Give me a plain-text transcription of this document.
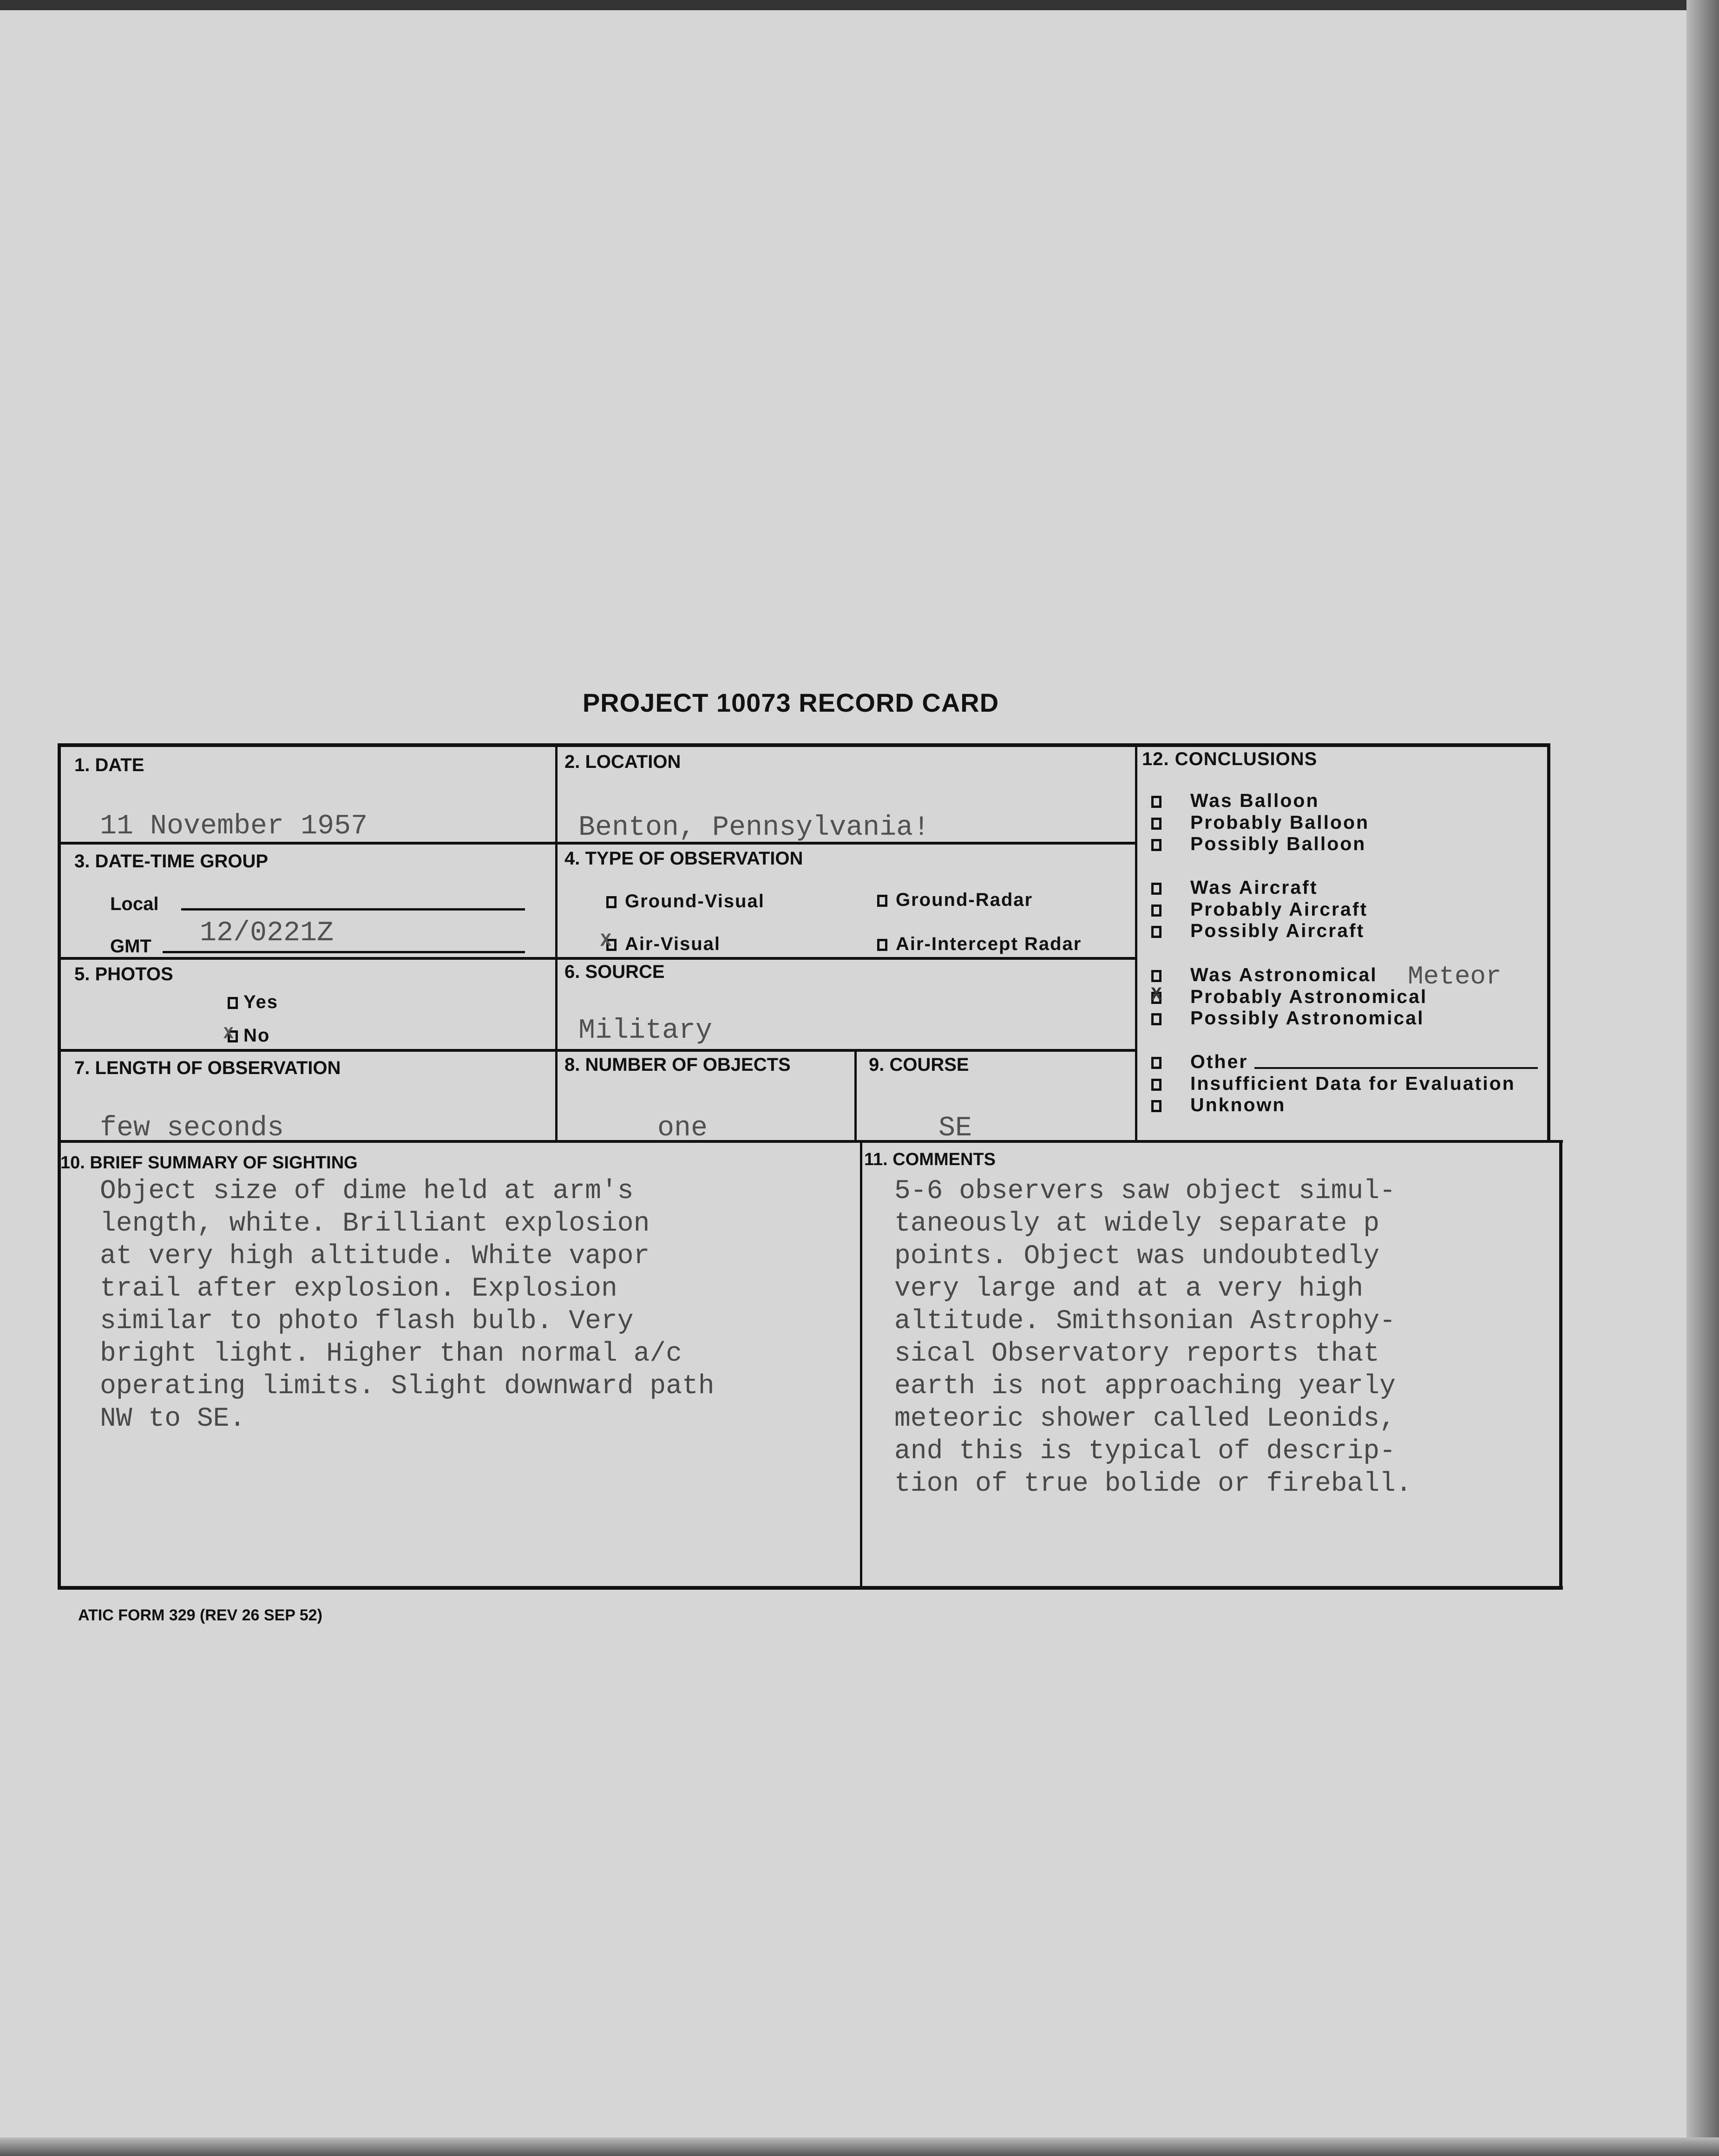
PROJECT 10073 RECORD CARD
1. DATE
11 November 1957
2. LOCATION
Benton, Pennsylvania!
3. DATE-TIME GROUP
Local
GMT 12/0221Z
4. TYPE OF OBSERVATION
Ground-Visual	Ground-Radar
X Air-Visual	Air-Intercept Radar
5. PHOTOS
Yes
X No
6. SOURCE
Military
7. LENGTH OF OBSERVATION
few seconds
8. NUMBER OF OBJECTS
one
9. COURSE
SE
12. CONCLUSIONS
Was Balloon
Probably Balloon
Possibly Balloon
Was Aircraft
Probably Aircraft
Possibly Aircraft
Was Astronomical
X Probably Astronomical
Possibly Astronomical
Other
Insufficient Data for Evaluation
Unknown
Meteor
10. BRIEF SUMMARY OF SIGHTING
Object size of dime held at arm's
length, white. Brilliant explosion
at very high altitude. White vapor
trail after explosion. Explosion
similar to photo flash bulb. Very
bright light. Higher than normal a/c
operating limits. Slight downward path
NW to SE.
11. COMMENTS
5-6 observers saw object simul-
taneously at widely separate p
points. Object was undoubtedly
very large and at a very high
altitude. Smithsonian Astrophy-
sical Observatory reports that
earth is not approaching yearly
meteoric shower called Leonids,
and this is typical of descrip-
tion of true bolide or fireball.
ATIC FORM 329 (REV 26 SEP 52)
